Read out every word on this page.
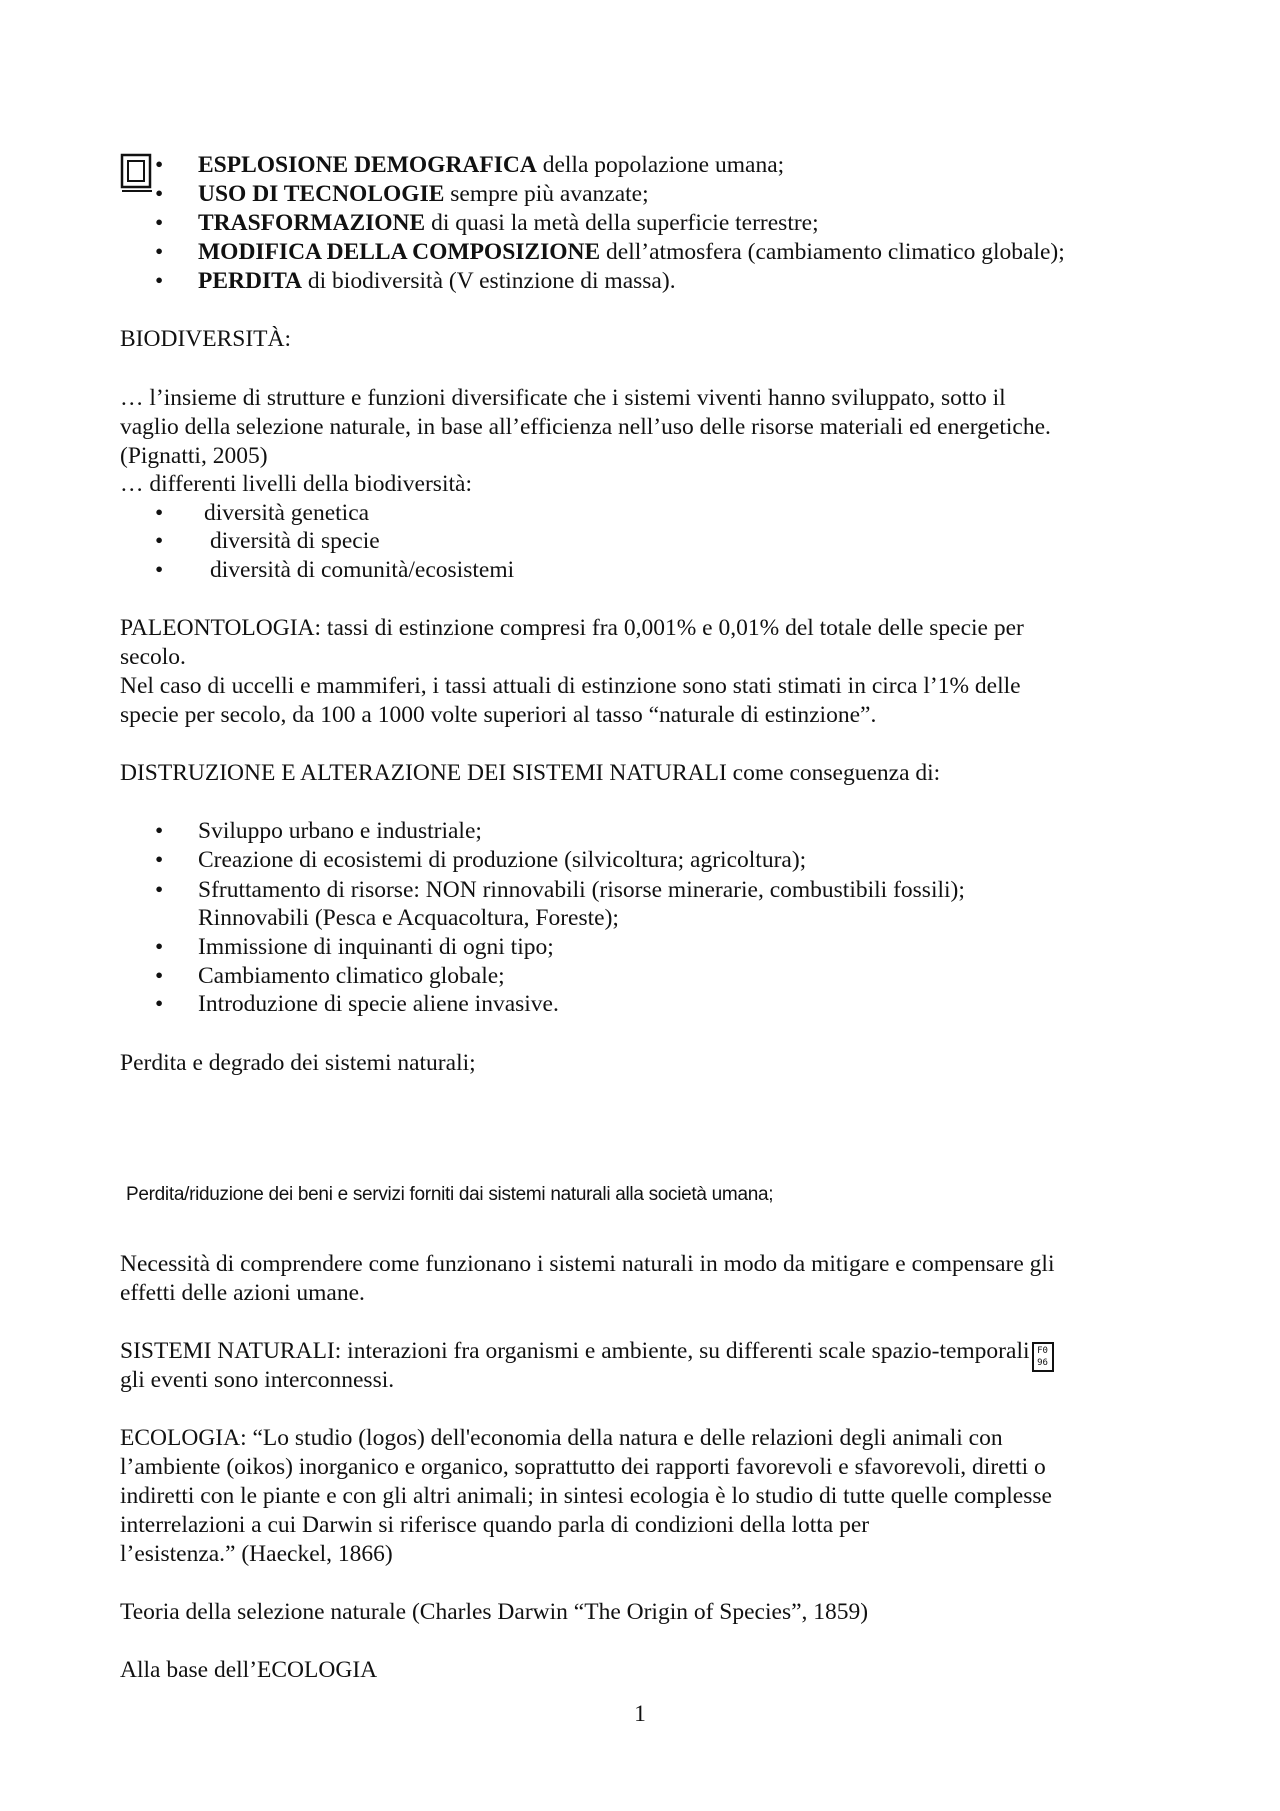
• ESPLOSIONE DEMOGRAFICA della popolazione umana;
• USO DI TECNOLOGIE sempre più avanzate;
• TRASFORMAZIONE di quasi la metà della superficie terrestre;
• MODIFICA DELLA COMPOSIZIONE dell’atmosfera (cambiamento climatico globale);
• PERDITA di biodiversità (V estinzione di massa).
BIODIVERSITÀ:
… l’insieme di strutture e funzioni diversificate che i sistemi viventi hanno sviluppato, sotto il
vaglio della selezione naturale, in base all’efficienza nell’uso delle risorse materiali ed energetiche.
(Pignatti, 2005)
… differenti livelli della biodiversità:
• diversità genetica
• diversità di specie
• diversità di comunità/ecosistemi
PALEONTOLOGIA: tassi di estinzione compresi fra 0,001% e 0,01% del totale delle specie per
secolo.
Nel caso di uccelli e mammiferi, i tassi attuali di estinzione sono stati stimati in circa l’1% delle
specie per secolo, da 100 a 1000 volte superiori al tasso “naturale di estinzione”.
DISTRUZIONE E ALTERAZIONE DEI SISTEMI NATURALI come conseguenza di:
• Sviluppo urbano e industriale;
• Creazione di ecosistemi di produzione (silvicoltura; agricoltura);
• Sfruttamento di risorse: NON rinnovabili (risorse minerarie, combustibili fossili);
Rinnovabili (Pesca e Acquacoltura, Foreste);
• Immissione di inquinanti di ogni tipo;
• Cambiamento climatico globale;
• Introduzione di specie aliene invasive.
Perdita e degrado dei sistemi naturali;
Perdita/riduzione dei beni e servizi forniti dai sistemi naturali alla società umana;
Necessità di comprendere come funzionano i sistemi naturali in modo da mitigare e compensare gli
effetti delle azioni umane.
SISTEMI NATURALI: interazioni fra organismi e ambiente, su differenti scale spazio-temporali F0
96
gli eventi sono interconnessi.
ECOLOGIA: “Lo studio (logos) dell'economia della natura e delle relazioni degli animali con
l’ambiente (oikos) inorganico e organico, soprattutto dei rapporti favorevoli e sfavorevoli, diretti o
indiretti con le piante e con gli altri animali; in sintesi ecologia è lo studio di tutte quelle complesse
interrelazioni a cui Darwin si riferisce quando parla di condizioni della lotta per
l’esistenza.” (Haeckel, 1866)
Teoria della selezione naturale (Charles Darwin “The Origin of Species”, 1859)
Alla base dell’ECOLOGIA
1
